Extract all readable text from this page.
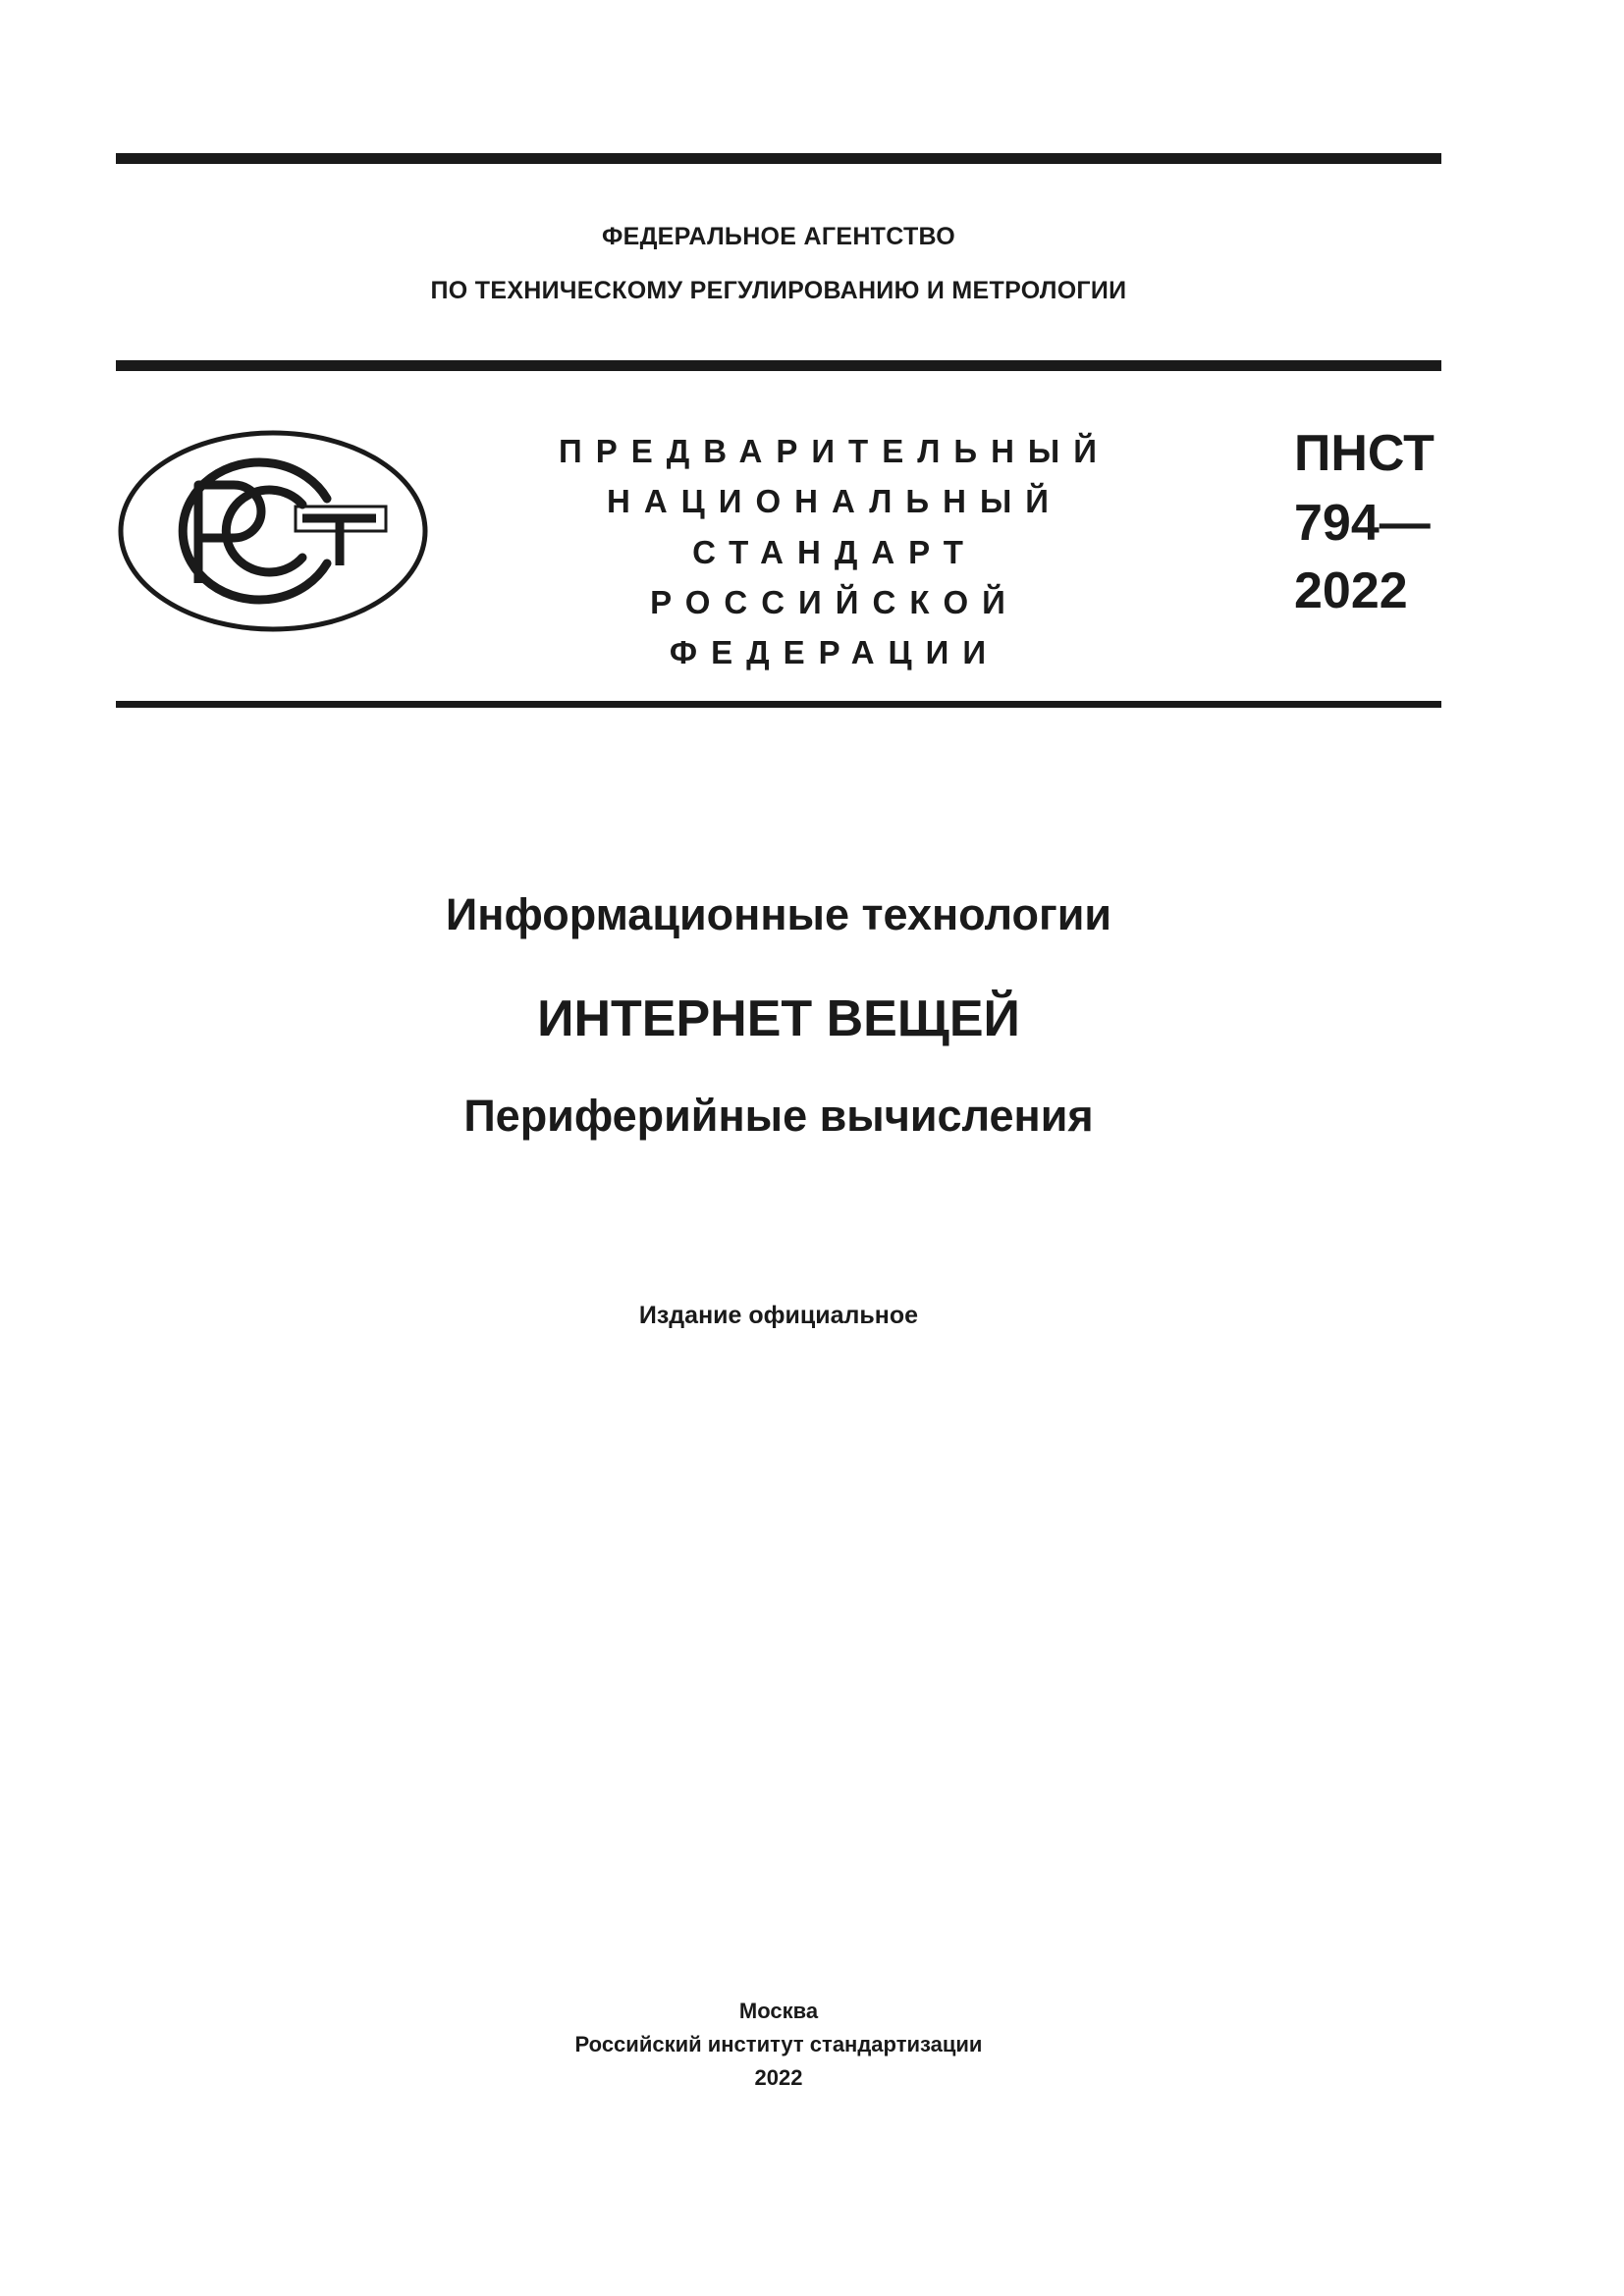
ФЕДЕРАЛЬНОЕ АГЕНТСТВО
ПО ТЕХНИЧЕСКОМУ РЕГУЛИРОВАНИЮ И МЕТРОЛОГИИ
ПРЕДВАРИТЕЛЬНЫЙ
НАЦИОНАЛЬНЫЙ
СТАНДАРТ
РОССИЙСКОЙ
ФЕДЕРАЦИИ
ПНСТ
794—
2022
Информационные технологии
ИНТЕРНЕТ ВЕЩЕЙ
Периферийные вычисления
Издание официальное
Москва
Российский институт стандартизации
2022
